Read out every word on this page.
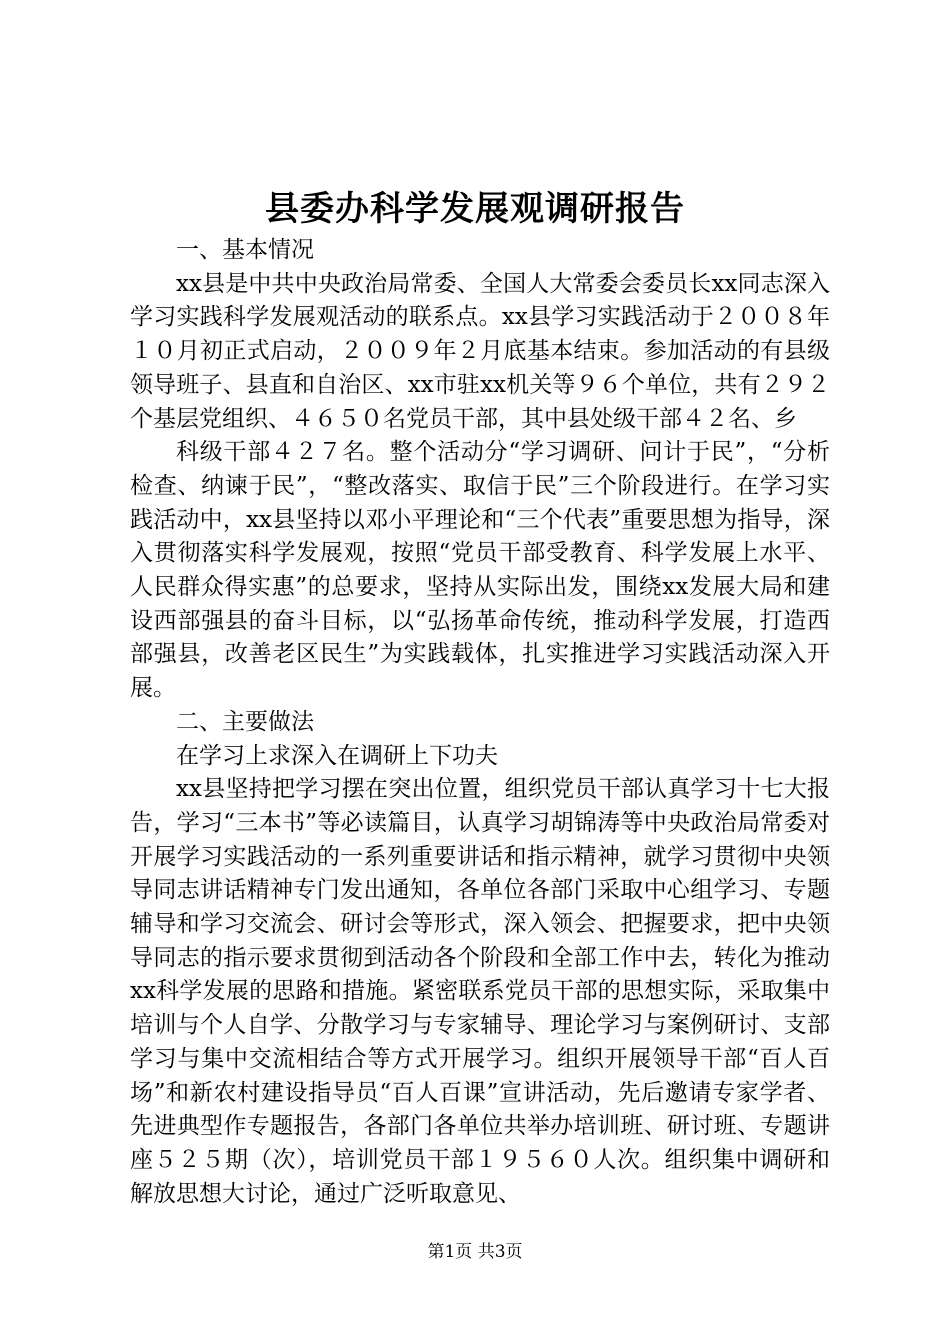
县委办科学发展观调研报告

一、基本情况

xx县是中共中央政治局常委、全国人大常委会委员长xx同志深入学习实践科学发展观活动的联系点。xx县学习实践活动于２００８年１０月初正式启动，２００９年２月底基本结束。参加活动的有县级领导班子、县直和自治区、xx市驻xx机关等９６个单位，共有２９２个基层党组织、４６５０名党员干部，其中县处级干部４２名、乡

科级干部４２７名。整个活动分“学习调研、问计于民”，“分析检查、纳谏于民”，“整改落实、取信于民”三个阶段进行。在学习实践活动中，xx县坚持以邓小平理论和“三个代表”重要思想为指导，深入贯彻落实科学发展观，按照“党员干部受教育、科学发展上水平、人民群众得实惠”的总要求，坚持从实际出发，围绕xx发展大局和建设西部强县的奋斗目标，以“弘扬革命传统，推动科学发展，打造西部强县，改善老区民生”为实践载体，扎实推进学习实践活动深入开展。

二、主要做法

在学习上求深入在调研上下功夫

xx县坚持把学习摆在突出位置，组织党员干部认真学习十七大报告，学习“三本书”等必读篇目，认真学习胡锦涛等中央政治局常委对开展学习实践活动的一系列重要讲话和指示精神，就学习贯彻中央领导同志讲话精神专门发出通知，各单位各部门采取中心组学习、专题辅导和学习交流会、研讨会等形式，深入领会、把握要求，把中央领导同志的指示要求贯彻到活动各个阶段和全部工作中去，转化为推动xx科学发展的思路和措施。紧密联系党员干部的思想实际，采取集中培训与个人自学、分散学习与专家辅导、理论学习与案例研讨、支部学习与集中交流相结合等方式开展学习。组织开展领导干部“百人百场”和新农村建设指导员“百人百课”宣讲活动，先后邀请专家学者、先进典型作专题报告，各部门各单位共举办培训班、研讨班、专题讲座５２５期（次），培训党员干部１９５６０人次。组织集中调研和解放思想大讨论，通过广泛听取意见、

第1页 共3页
